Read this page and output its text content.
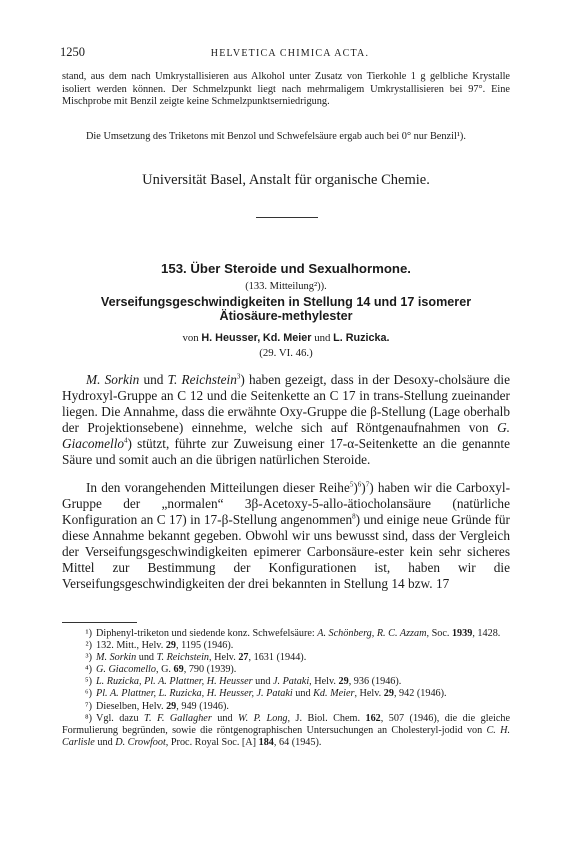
1250	HELVETICA CHIMICA ACTA.
stand, aus dem nach Umkrystallisieren aus Alkohol unter Zusatz von Tierkohle 1 g gelbliche Krystalle isoliert werden können. Der Schmelzpunkt liegt nach mehrmaligem Umkrystallisieren bei 97°. Eine Mischprobe mit Benzil zeigte keine Schmelzpunktserniedrigung.
Die Umsetzung des Triketons mit Benzol und Schwefelsäure ergab auch bei 0° nur Benzil¹).
Universität Basel, Anstalt für organische Chemie.
153. Über Steroide und Sexualhormone.
(133. Mitteilung²)).
Verseifungsgeschwindigkeiten in Stellung 14 und 17 isomerer
Ätiosäure-methylester
von H. Heusser, Kd. Meier und L. Ruzicka.
(29. VI. 46.)
M. Sorkin und T. Reichstein$^3$) haben gezeigt, dass in der Desoxy-cholsäure die Hydroxyl-Gruppe an C 12 und die Seitenkette an C 17 in trans-Stellung zueinander liegen. Die Annahme, dass die erwähnte Oxy-Gruppe die β-Stellung (Lage oberhalb der Projektionsebene) einnehme, welche sich auf Röntgenaufnahmen von G. Giacomello$^4$) stützt, führte zur Zuweisung einer 17-α-Seitenkette an die genannte Säure und somit auch an die übrigen natürlichen Steroide.
In den vorangehenden Mitteilungen dieser Reihe$^5$)$^6$)$^7$) haben wir die Carboxyl-Gruppe der „normalen“ 3β-Acetoxy-5-allo-ätiocholansäure (natürliche Konfiguration an C 17) in 17-β-Stellung angenommen$^8$) und einige neue Gründe für diese Annahme bekannt gegeben. Obwohl wir uns bewusst sind, dass der Vergleich der Verseifungsgeschwindigkeiten epimerer Carbonsäure-ester kein sehr sicheres Mittel zur Bestimmung der Konfigurationen ist, haben wir die Verseifungsgeschwindigkeiten der drei bekannten in Stellung 14 bzw. 17

¹) Diphenyl-triketon und siedende konz. Schwefelsäure: A. Schönberg, R. C. Azzam, Soc. 1939, 1428.

²) 132. Mitt., Helv. 29, 1195 (1946).

³) M. Sorkin und T. Reichstein, Helv. 27, 1631 (1944).

⁴) G. Giacomello, G. 69, 790 (1939).

⁵) L. Ruzicka, Pl. A. Plattner, H. Heusser und J. Pataki, Helv. 29, 936 (1946).

⁶) Pl. A. Plattner, L. Ruzicka, H. Heusser, J. Pataki und Kd. Meier, Helv. 29, 942 (1946).

⁷) Dieselben, Helv. 29, 949 (1946).

⁸) Vgl. dazu T. F. Gallagher und W. P. Long, J. Biol. Chem. 162, 507 (1946), die die gleiche Formulierung begründen, sowie die röntgenographischen Untersuchungen an Cholesteryl-jodid von C. H. Carlisle und D. Crowfoot, Proc. Royal Soc. [A] 184, 64 (1945).
